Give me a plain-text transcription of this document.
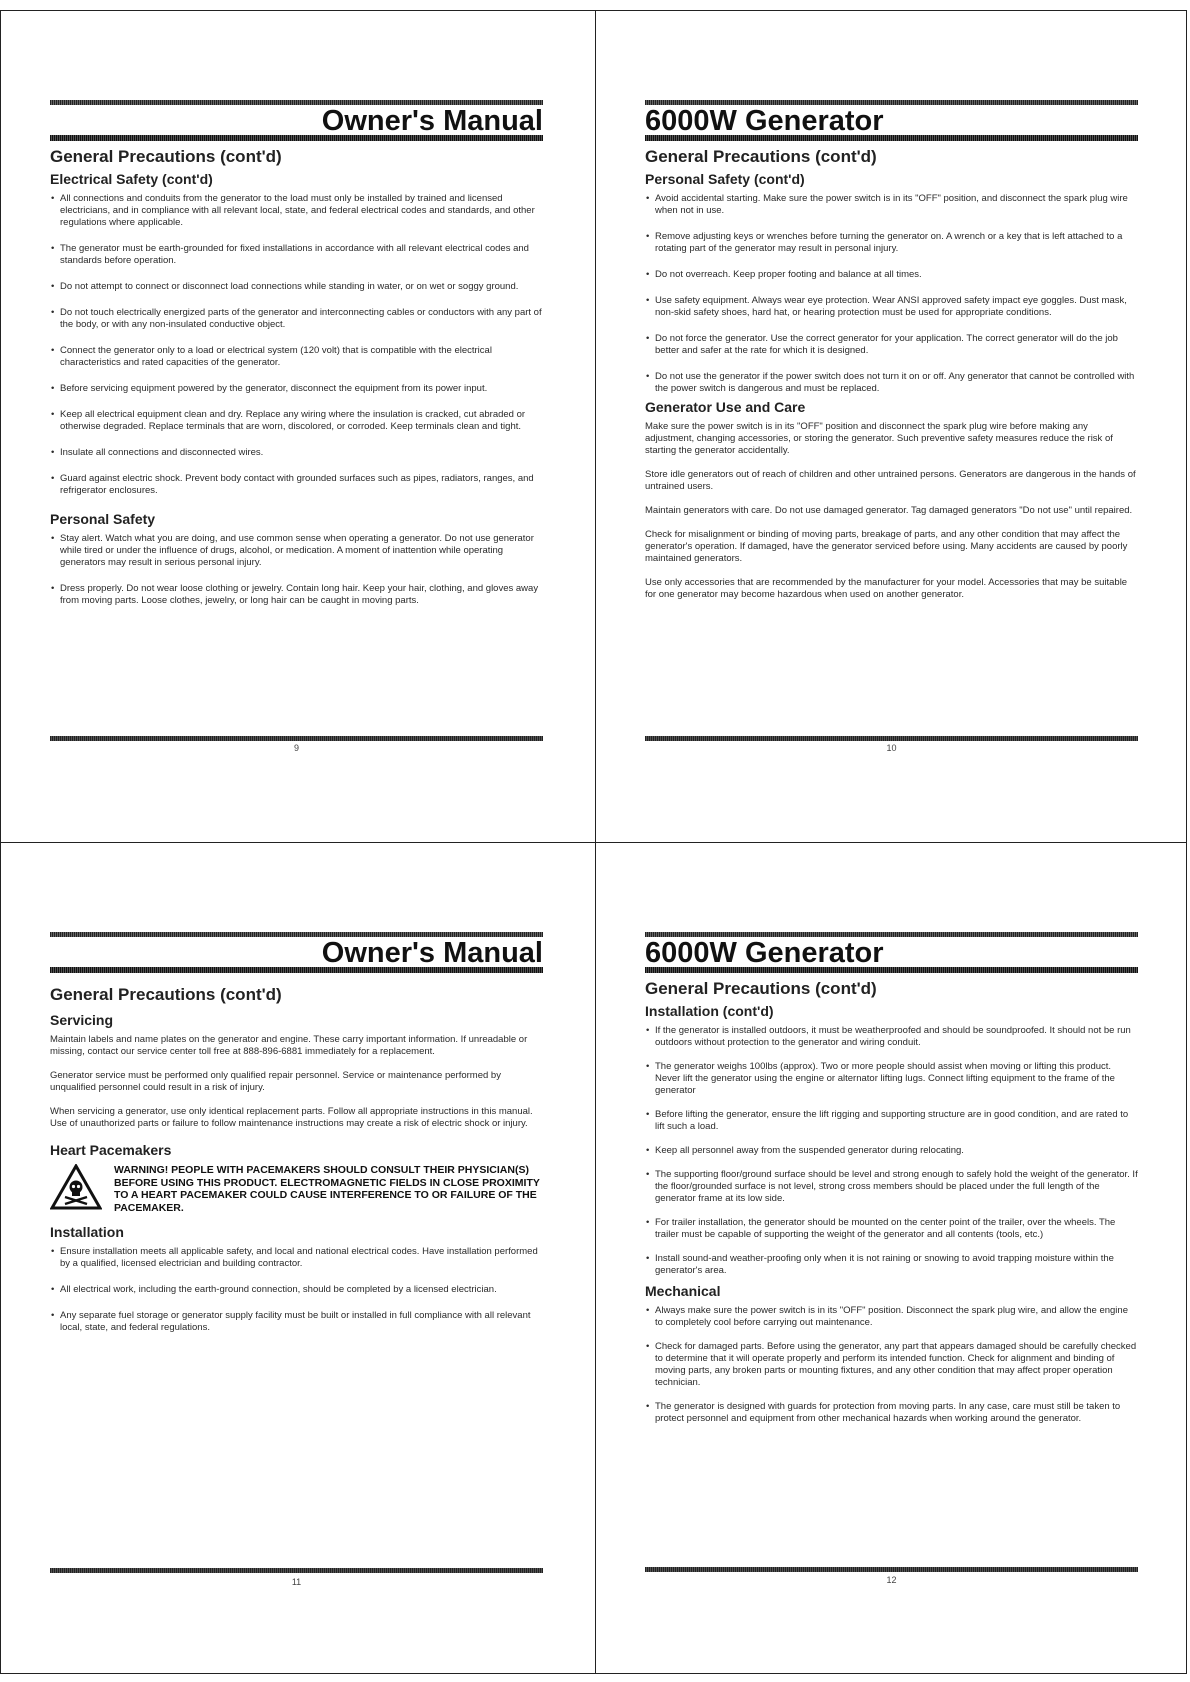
Owner's Manual
General Precautions (cont'd)
Electrical Safety (cont'd)
• All connections and conduits from the generator to the load must only be installed by trained and licensed electricians, and in compliance with all relevant local, state, and federal electrical codes and standards, and other regulations where applicable.
• The generator must be earth-grounded for fixed installations in accordance with all relevant electrical codes and standards before operation.
• Do not attempt to connect or disconnect load connections while standing in water, or on wet or soggy ground.
• Do not touch electrically energized parts of the generator and interconnecting cables or conductors with any part of the body, or with any non-insulated conductive object.
• Connect the generator only to a load or electrical system (120 volt) that is compatible with the electrical characteristics and rated capacities of the generator.
• Before servicing equipment powered by the generator, disconnect the equipment from its power input.
• Keep all electrical equipment clean and dry. Replace any wiring where the insulation is cracked, cut abraded or otherwise degraded. Replace terminals that are worn, discolored, or corroded. Keep terminals clean and tight.
• Insulate all connections and disconnected wires.
• Guard against electric shock. Prevent body contact with grounded surfaces such as pipes, radiators, ranges, and refrigerator enclosures.
Personal Safety
• Stay alert. Watch what you are doing, and use common sense when operating a generator. Do not use generator while tired or under the influence of drugs, alcohol, or medication. A moment of inattention while operating generators may result in serious personal injury.
• Dress properly. Do not wear loose clothing or jewelry. Contain long hair. Keep your hair, clothing, and gloves away from moving parts. Loose clothes, jewelry, or long hair can be caught in moving parts.
9
6000W Generator
General Precautions (cont'd)
Personal Safety (cont'd)
• Avoid accidental starting. Make sure the power switch is in its "OFF" position, and disconnect the spark plug wire when not in use.
• Remove adjusting keys or wrenches before turning the generator on. A wrench or a key that is left attached to a rotating part of the generator may result in personal injury.
• Do not overreach. Keep proper footing and balance at all times.
• Use safety equipment. Always wear eye protection. Wear ANSI approved safety impact eye goggles. Dust mask, non-skid safety shoes, hard hat, or hearing protection must be used for appropriate conditions.
• Do not force the generator. Use the correct generator for your application. The correct generator will do the job better and safer at the rate for which it is designed.
• Do not use the generator if the power switch does not turn it on or off. Any generator that cannot be controlled with the power switch is dangerous and must be replaced.
Generator Use and Care

Make sure the power switch is in its "OFF" position and disconnect the spark plug wire before making any adjustment, changing accessories, or storing the generator. Such preventive safety measures reduce the risk of starting the generator accidentally.

Store idle generators out of reach of children and other untrained persons. Generators are dangerous in the hands of untrained users.

Maintain generators with care. Do not use damaged generator. Tag damaged generators "Do not use" until repaired.

Check for misalignment or binding of moving parts, breakage of parts, and any other condition that may affect the generator's operation. If damaged, have the generator serviced before using. Many accidents are caused by poorly maintained generators.

Use only accessories that are recommended by the manufacturer for your model. Accessories that may be suitable for one generator may become hazardous when used on another generator.

10
Owner's Manual
General Precautions (cont'd)
Servicing

Maintain labels and name plates on the generator and engine. These carry important information. If unreadable or missing, contact our service center toll free at 888-896-6881 immediately for a replacement.

Generator service must be performed only qualified repair personnel. Service or maintenance performed by unqualified personnel could result in a risk of injury.

When servicing a generator, use only identical replacement parts. Follow all appropriate instructions in this manual. Use of unauthorized parts or failure to follow maintenance instructions may create a risk of electric shock or injury.

Heart Pacemakers
WARNING! PEOPLE WITH PACEMAKERS SHOULD CONSULT THEIR PHYSICIAN(S) BEFORE USING THIS PRODUCT. ELECTROMAGNETIC FIELDS IN CLOSE PROXIMITY TO A HEART PACEMAKER COULD CAUSE INTERFERENCE TO OR FAILURE OF THE PACEMAKER.
Installation
• Ensure installation meets all applicable safety, and local and national electrical codes. Have installation performed by a qualified, licensed electrician and building contractor.
• All electrical work, including the earth-ground connection, should be completed by a licensed electrician.
• Any separate fuel storage or generator supply facility must be built or installed in full compliance with all relevant local, state, and federal regulations.
11
6000W Generator
General Precautions (cont'd)
Installation (cont'd)
• If the generator is installed outdoors, it must be weatherproofed and should be soundproofed. It should not be run outdoors without protection to the generator and wiring conduit.
• The generator weighs 100lbs (approx). Two or more people should assist when moving or lifting this product. Never lift the generator using the engine or alternator lifting lugs. Connect lifting equipment to the frame of the generator
• Before lifting the generator, ensure the lift rigging and supporting structure are in good condition, and are rated to lift such a load.
• Keep all personnel away from the suspended generator during relocating.
• The supporting floor/ground surface should be level and strong enough to safely hold the weight of the generator. If the floor/grounded surface is not level, strong cross members should be placed under the full length of the generator frame at its low side.
• For trailer installation, the generator should be mounted on the center point of the trailer, over the wheels. The trailer must be capable of supporting the weight of the generator and all contents (tools, etc.)
• Install sound-and weather-proofing only when it is not raining or snowing to avoid trapping moisture within the generator's area.
Mechanical
• Always make sure the power switch is in its "OFF" position. Disconnect the spark plug wire, and allow the engine to completely cool before carrying out maintenance.
• Check for damaged parts. Before using the generator, any part that appears damaged should be carefully checked to determine that it will operate properly and perform its intended function. Check for alignment and binding of moving parts, any broken parts or mounting fixtures, and any other condition that may affect proper operation technician.
• The generator is designed with guards for protection from moving parts. In any case, care must still be taken to protect personnel and equipment from other mechanical hazards when working around the generator.
12
